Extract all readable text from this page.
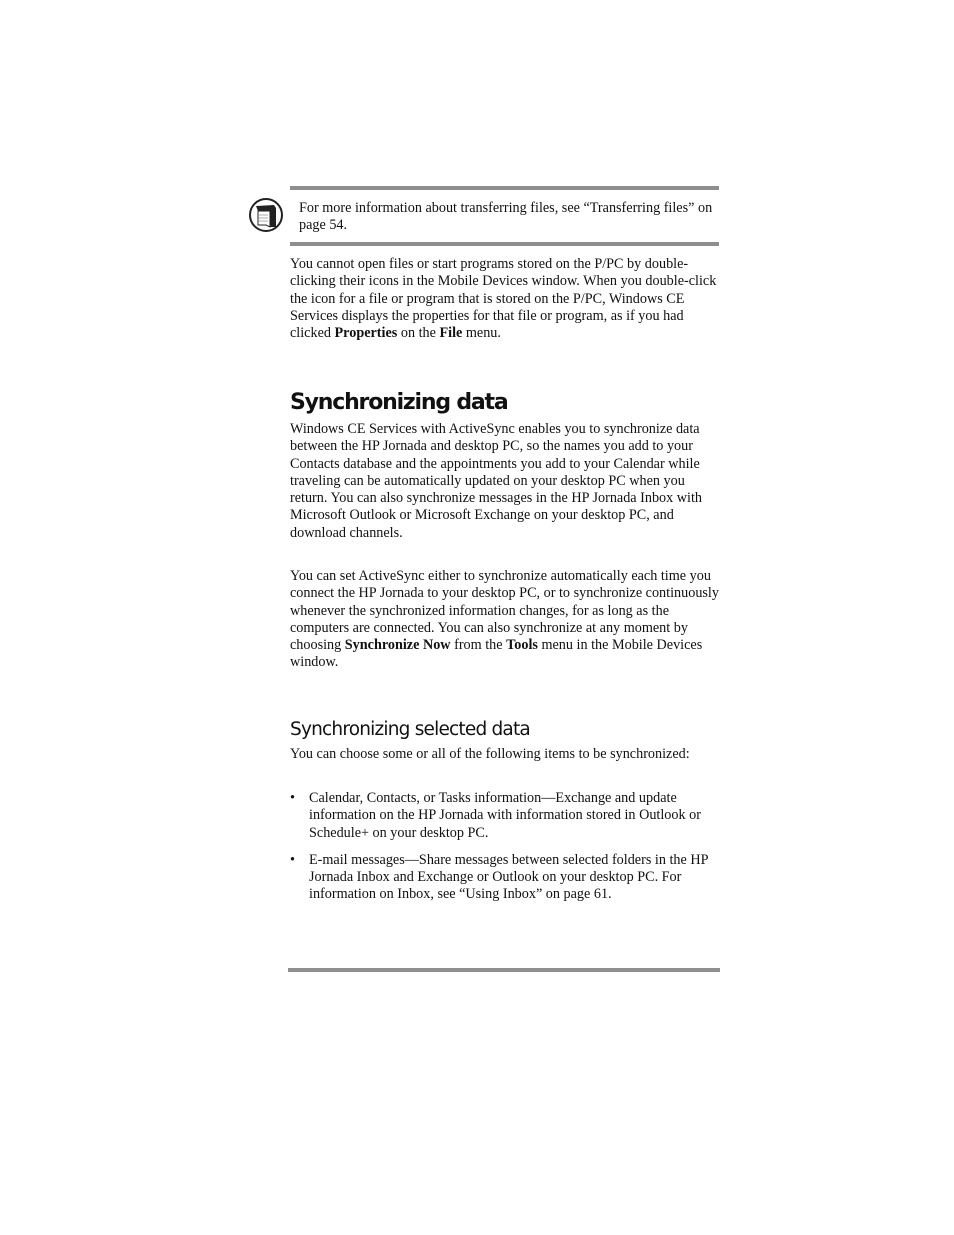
For more information about transferring files, see “Transferring files” on page 54.

You cannot open files or start programs stored on the P/PC by double-clicking their icons in the Mobile Devices window. When you double-click the icon for a file or program that is stored on the P/PC, Windows CE Services displays the properties for that file or program, as if you had clicked Properties on the File menu.

Synchronizing data

Windows CE Services with ActiveSync enables you to synchronize data between the HP Jornada and desktop PC, so the names you add to your Contacts database and the appointments you add to your Calendar while traveling can be automatically updated on your desktop PC when you return. You can also synchronize messages in the HP Jornada Inbox with Microsoft Outlook or Microsoft Exchange on your desktop PC, and download channels.

You can set ActiveSync either to synchronize automatically each time you connect the HP Jornada to your desktop PC, or to synchronize continuously whenever the synchronized information changes, for as long as the computers are connected. You can also synchronize at any moment by choosing Synchronize Now from the Tools menu in the Mobile Devices window.

Synchronizing selected data

You can choose some or all of the following items to be synchronized:

• Calendar, Contacts, or Tasks information—Exchange and update information on the HP Jornada with information stored in Outlook or Schedule+ on your desktop PC.
• E-mail messages—Share messages between selected folders in the HP Jornada Inbox and Exchange or Outlook on your desktop PC. For information on Inbox, see “Using Inbox” on page 61.
